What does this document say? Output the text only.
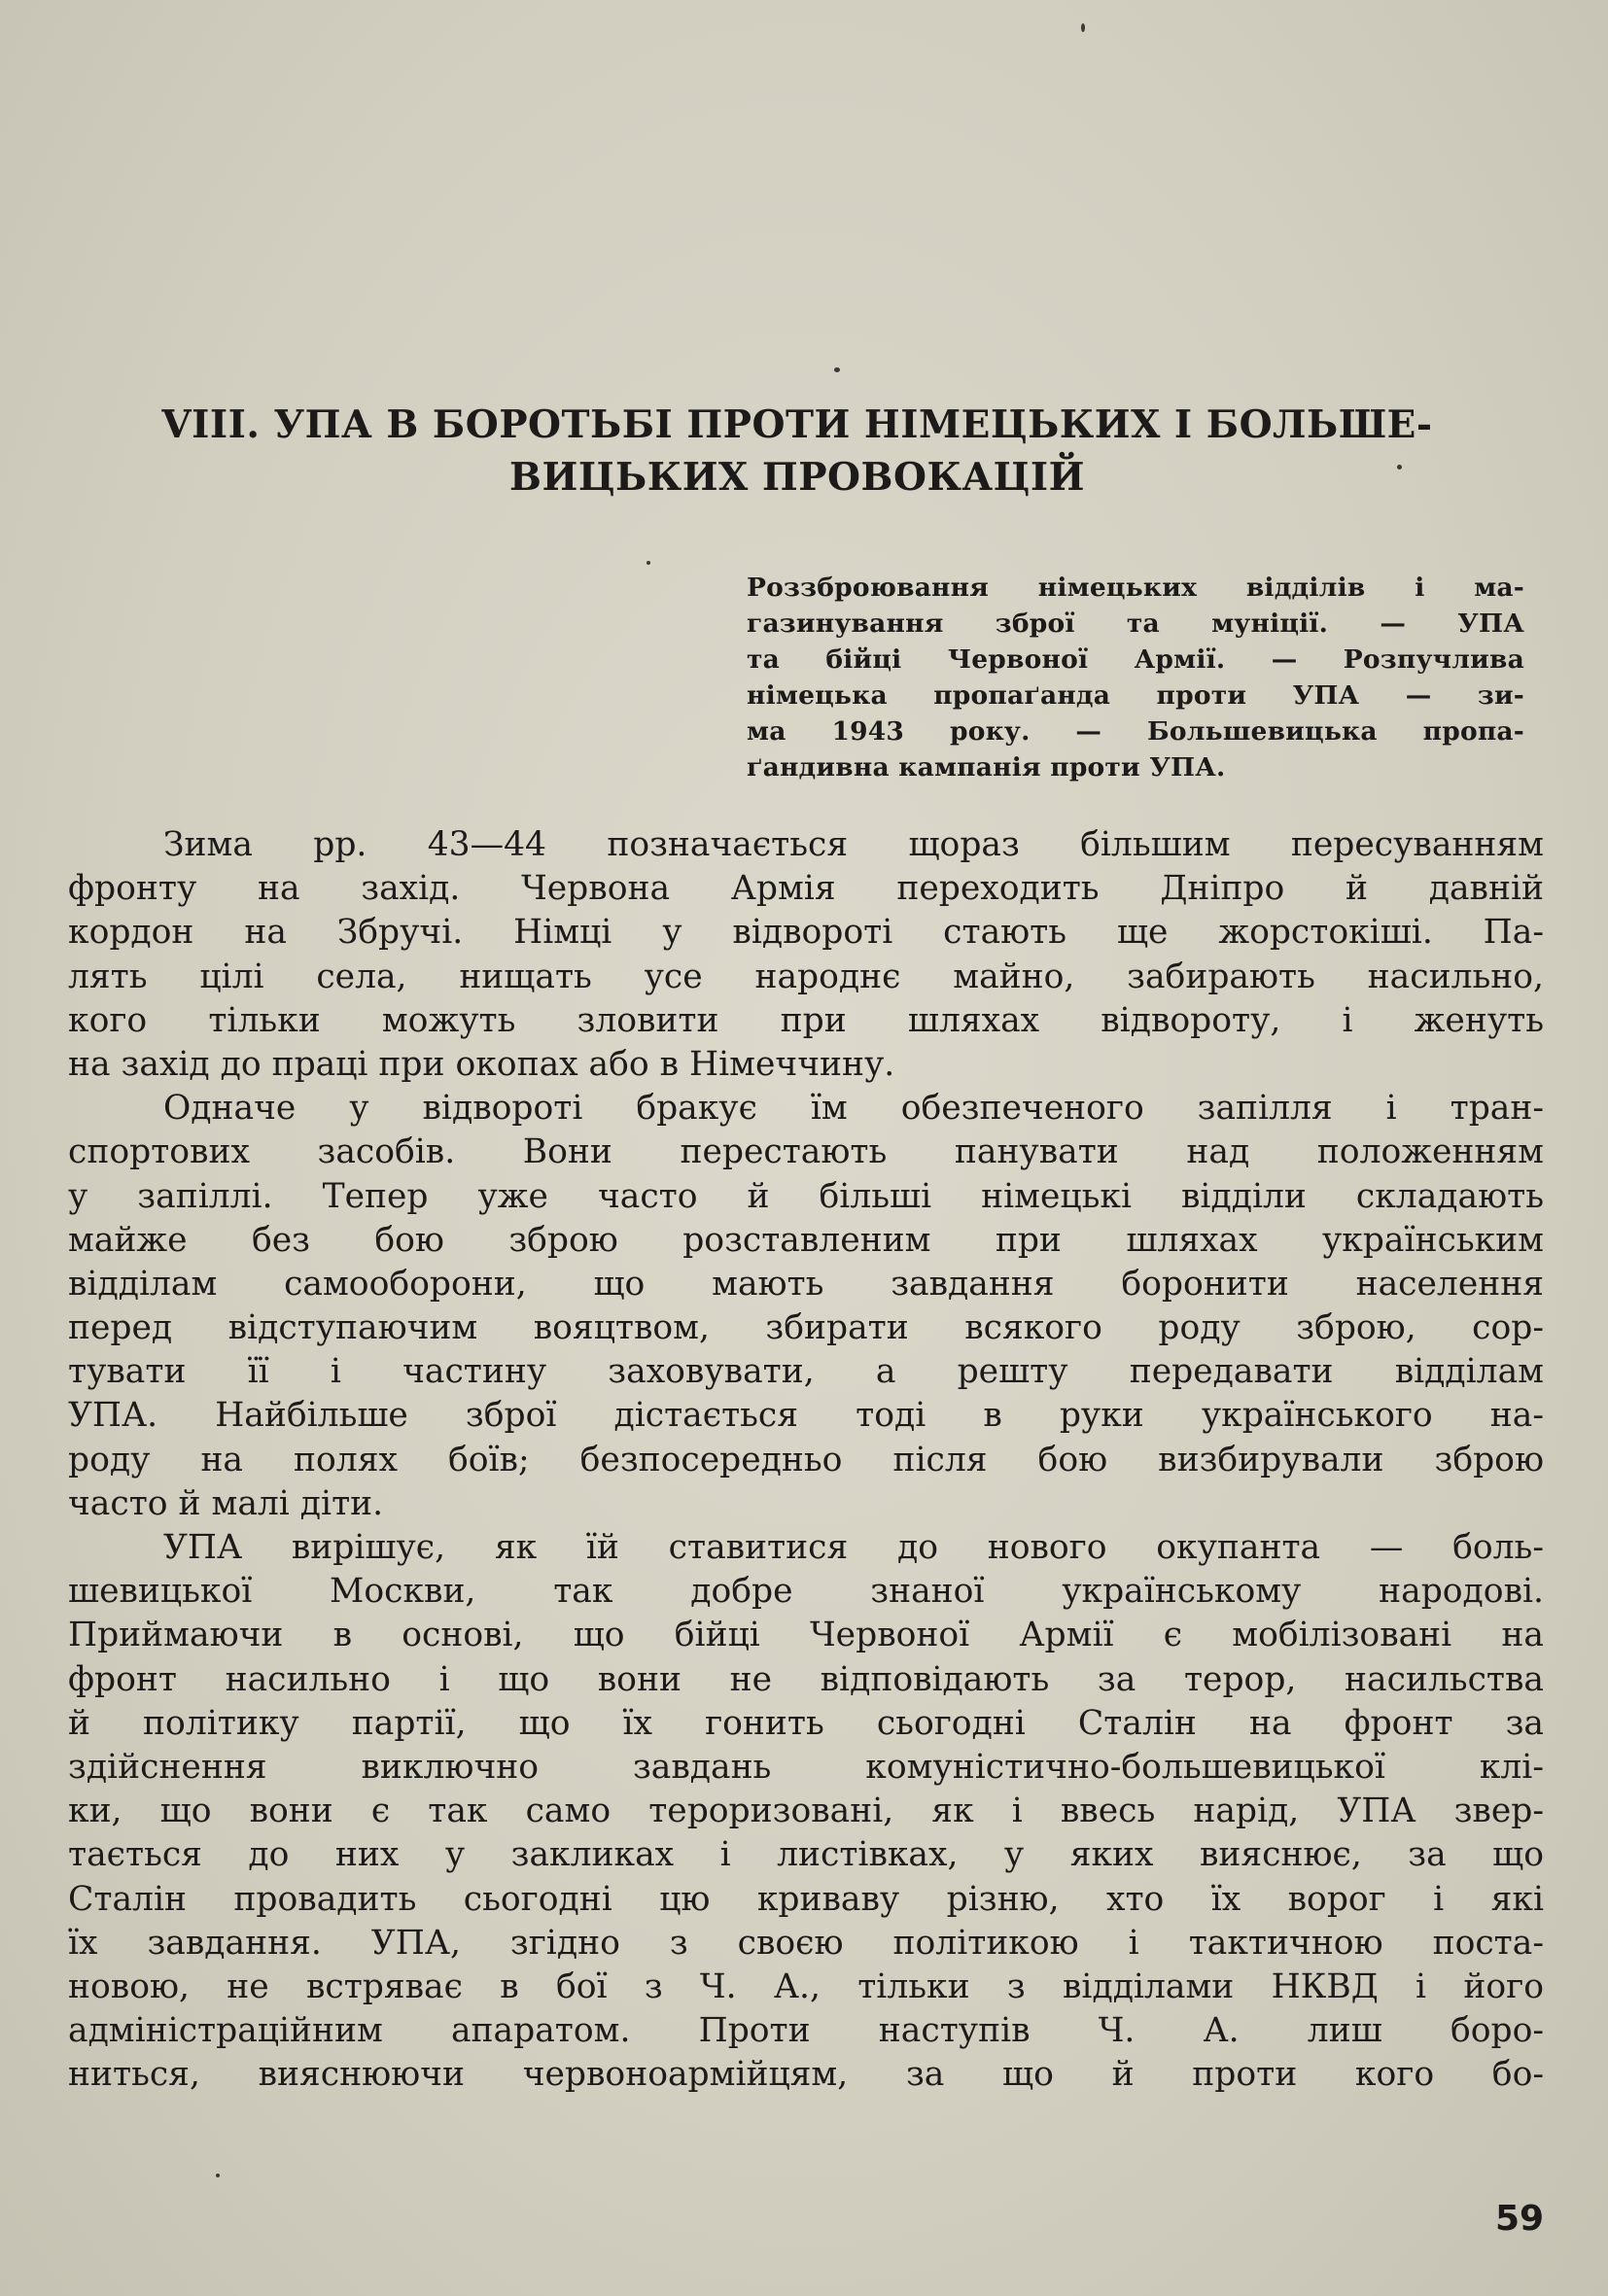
VIII. УПА В БОРОТЬБІ ПРОТИ НІМЕЦЬКИХ І БОЛЬШЕ-
ВИЦЬКИХ ПРОВОКАЦІЙ
Роззброювання німецьких відділів і ма-
газинування зброї та муніції. — УПА
та бійці Червоної Армії. — Розпучлива
німецька пропаґанда проти УПА — зи-
ма 1943 року. — Большевицька пропа-
ґандивна кампанія проти УПА.
Зима рр. 43—44 позначається щораз більшим пересуванням
фронту на захід. Червона Армія переходить Дніпро й давній
кордон на Збручі. Німці у відвороті стають ще жорстокіші. Па-
лять цілі села, нищать усе народнє майно, забирають насильно,
кого тільки можуть зловити при шляхах відвороту, і женуть
на захід до праці при окопах або в Німеччину.
Одначе у відвороті бракує їм обезпеченого запілля і тран-
спортових засобів. Вони перестають панувати над положенням
у запіллі. Тепер уже часто й більші німецькі відділи складають
майже без бою зброю розставленим при шляхах українським
відділам самооборони, що мають завдання боронити населення
перед відступаючим вояцтвом, збирати всякого роду зброю, сор-
тувати її і частину заховувати, а решту передавати відділам
УПА. Найбільше зброї дістається тоді в руки українського на-
роду на полях боїв; безпосередньо після бою визбирували зброю
часто й малі діти.
УПА вирішує, як їй ставитися до нового окупанта — боль-
шевицької Москви, так добре знаної українському народові.
Приймаючи в основі, що бійці Червоної Армії є мобілізовані на
фронт насильно і що вони не відповідають за терор, насильства
й політику партії, що їх гонить сьогодні Сталін на фронт за
здійснення виключно завдань комуністично-большевицької клі-
ки, що вони є так само тероризовані, як і ввесь нарід, УПА звер-
тається до них у закликах і листівках, у яких вияснює, за що
Сталін провадить сьогодні цю криваву різню, хто їх ворог і які
їх завдання. УПА, згідно з своєю політикою і тактичною поста-
новою, не встряває в бої з Ч. А., тільки з відділами НКВД і його
адміністраційним апаратом. Проти наступів Ч. А. лиш боро-
ниться, вияснюючи червоноармійцям, за що й проти кого бо-
59
